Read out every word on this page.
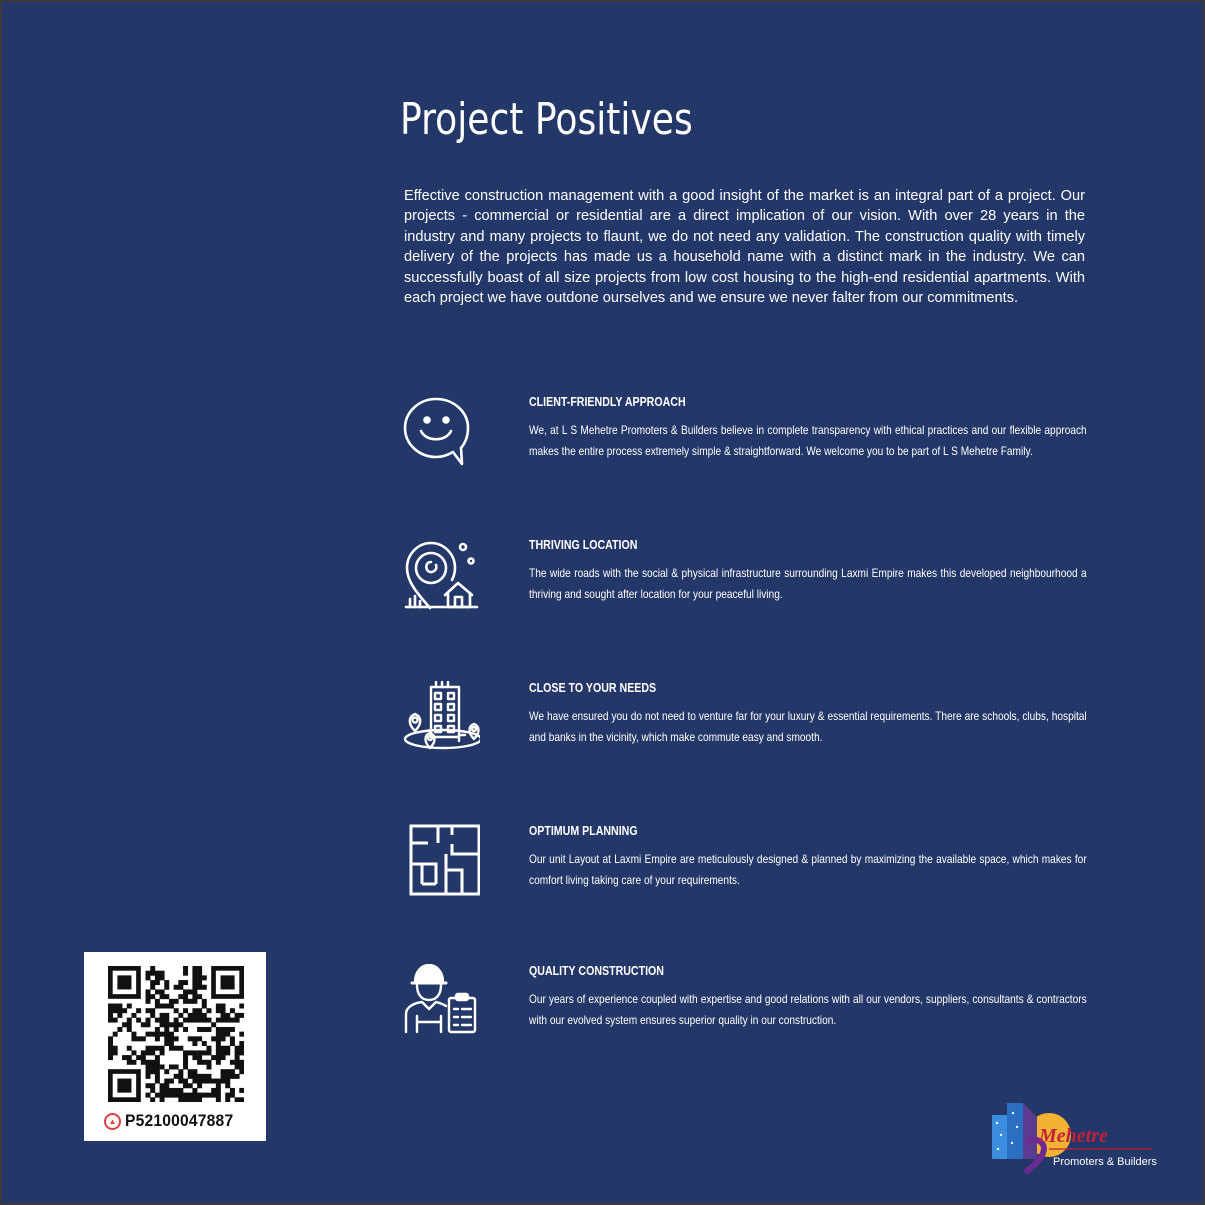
Project Positives

Effective construction management with a good insight of the market is an integral part of a project. Our projects - commercial or residential are a direct implication of our vision. With over 28 years in the industry and many projects to flaunt, we do not need any validation. The construction quality with timely delivery of the projects has made us a household name with a distinct mark in the industry. We can successfully boast of all size projects from low cost housing to the high-end residential apartments. With each project we have outdone ourselves and we ensure we never falter from our commitments.

CLIENT-FRIENDLY APPROACH

We, at L S Mehetre Promoters & Builders believe in complete transparency with ethical practices and our flexible approach makes the entire process extremely simple & straightforward. We welcome you to be part of L S Mehetre Family.

THRIVING LOCATION

The wide roads with the social & physical infrastructure surrounding Laxmi Empire makes this developed neighbourhood a thriving and sought after location for your peaceful living.

CLOSE TO YOUR NEEDS

We have ensured you do not need to venture far for your luxury & essential requirements. There are schools, clubs, hospital and banks in the vicinity, which make commute easy and smooth.

OPTIMUM PLANNING

Our unit Layout at Laxmi Empire are meticulously designed & planned by maximizing the available space, which makes for comfort living taking care of your requirements.

QUALITY CONSTRUCTION

Our years of experience coupled with expertise and good relations with all our vendors, suppliers, consultants & contractors with our evolved system ensures superior quality in our construction.

▲ P52100047887
Mehetre
Promoters & Builders
